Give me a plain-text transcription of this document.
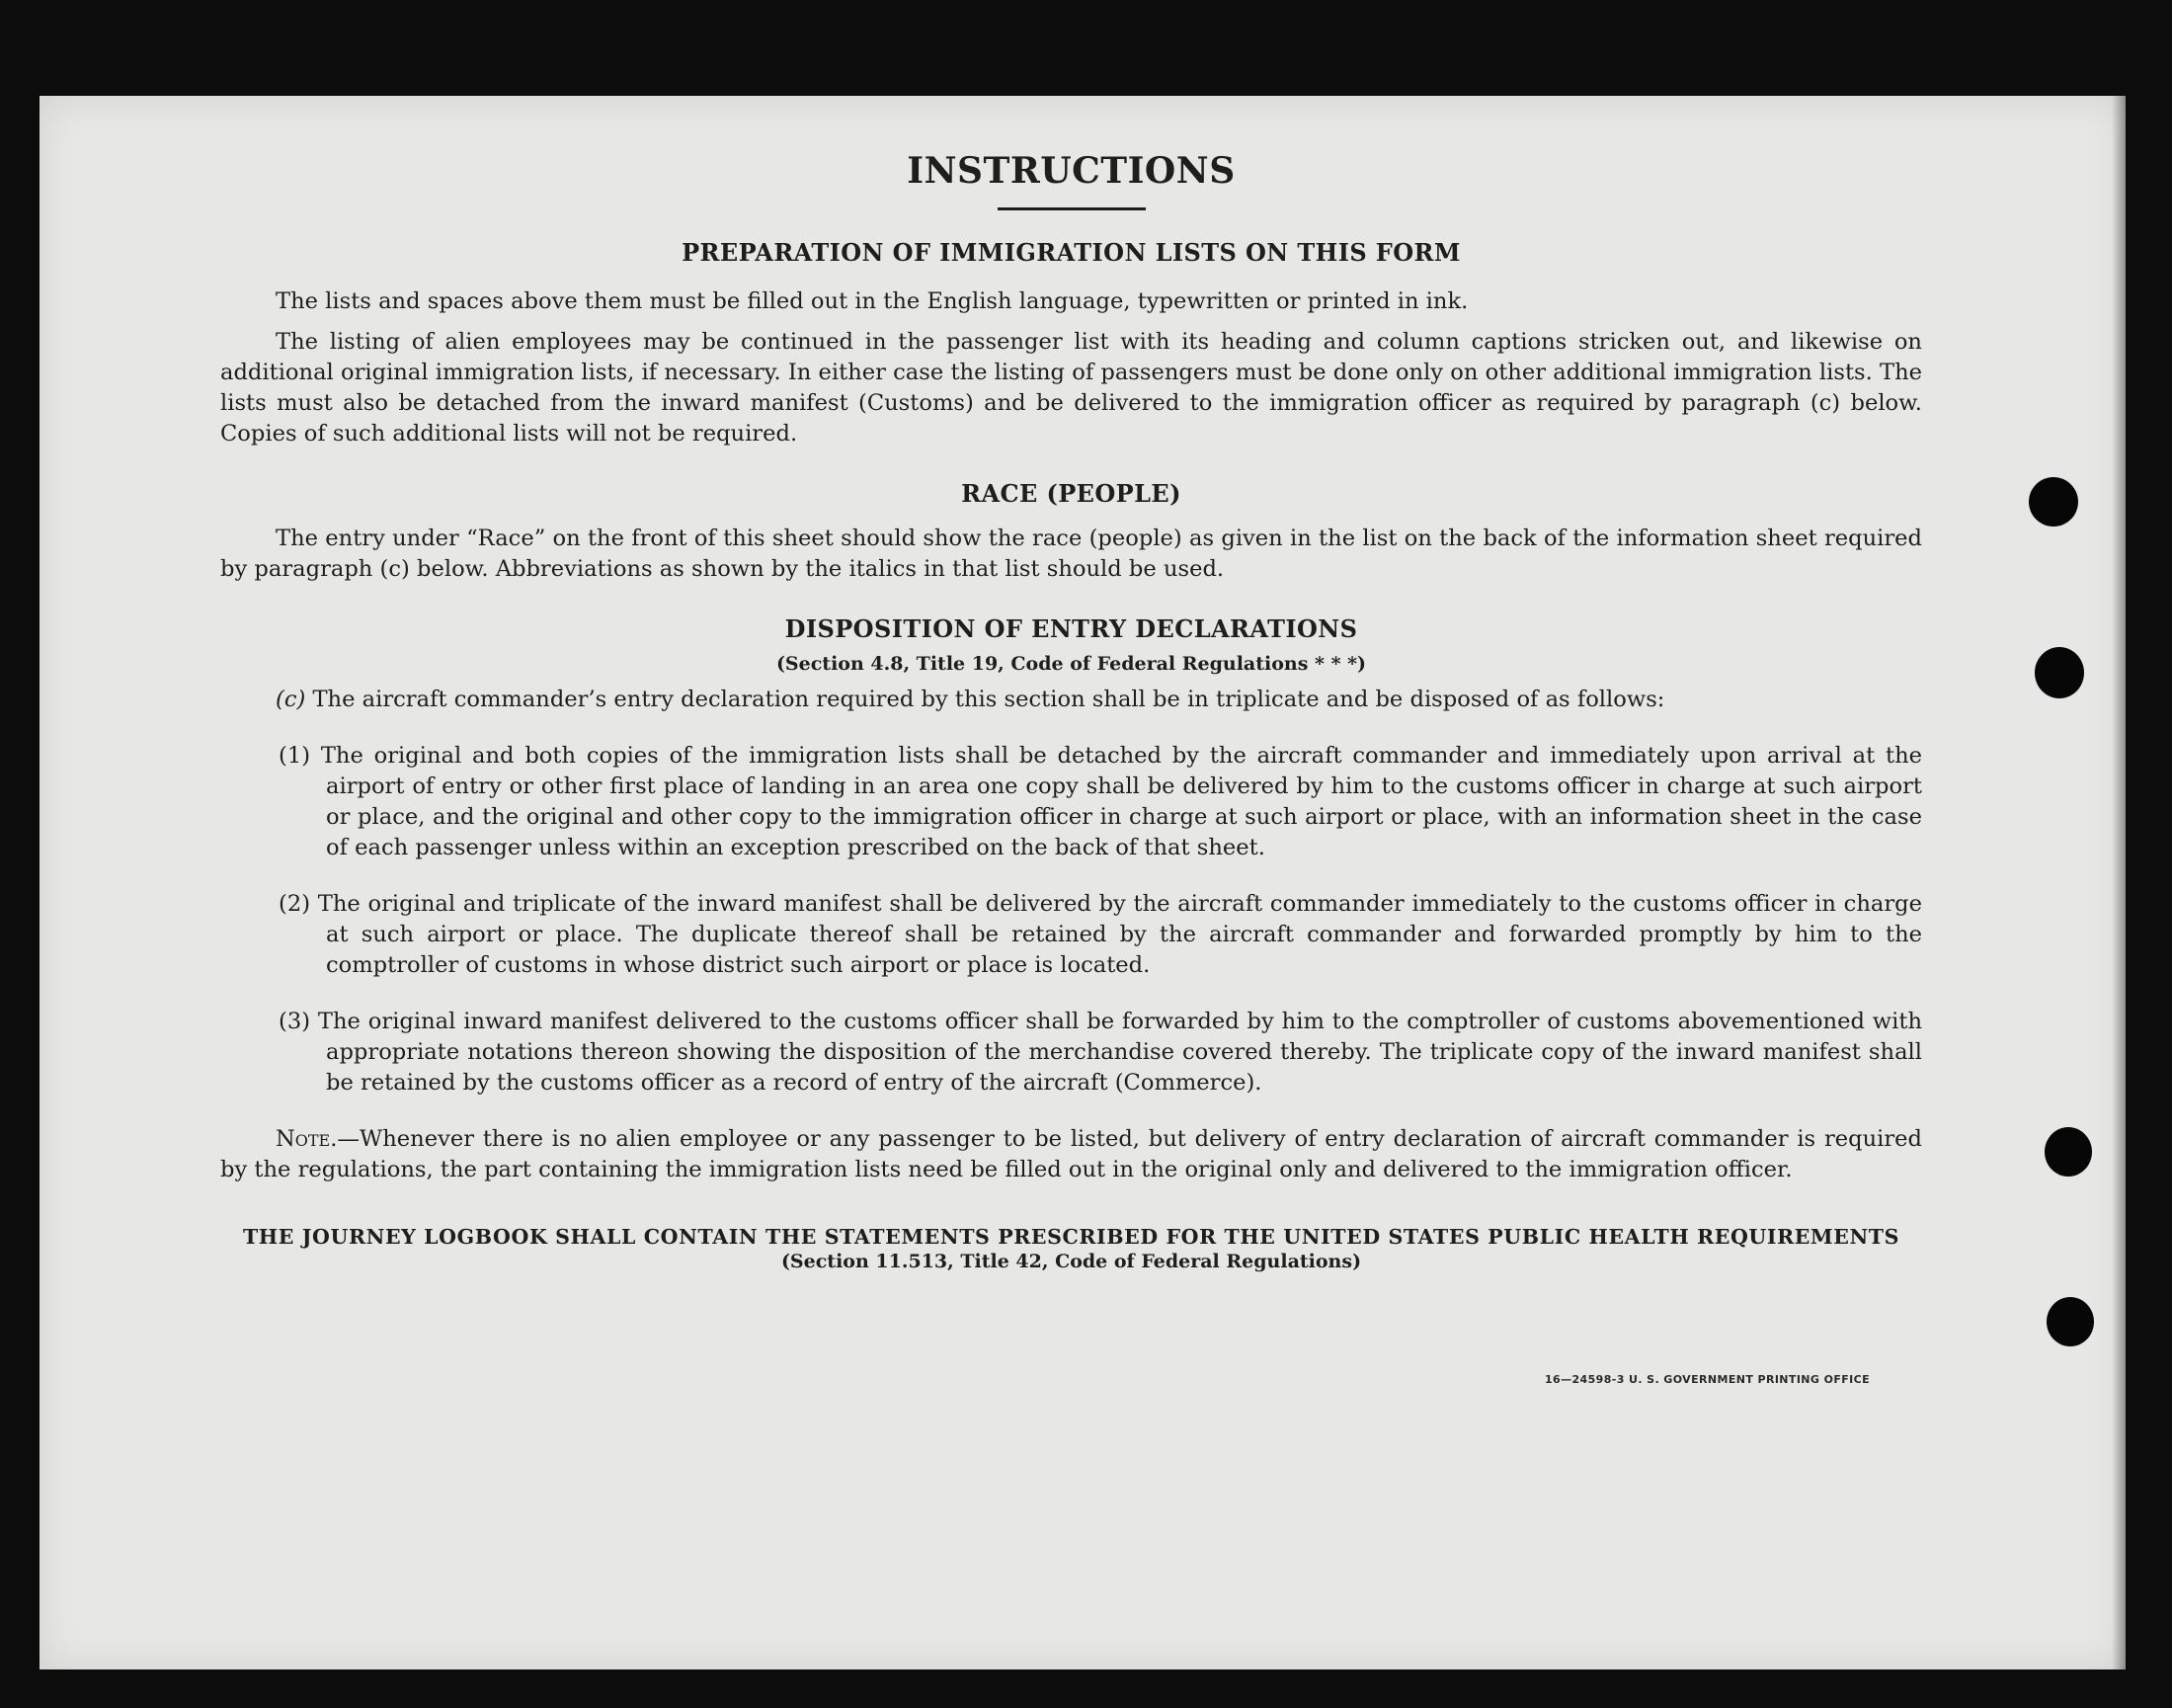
INSTRUCTIONS
PREPARATION OF IMMIGRATION LISTS ON THIS FORM

The lists and spaces above them must be filled out in the English language, typewritten or printed in ink.

The listing of alien employees may be continued in the passenger list with its heading and column captions stricken out, and likewise on additional original immigration lists, if necessary. In either case the listing of passengers must be done only on other additional immigration lists. The lists must also be detached from the inward manifest (Customs) and be delivered to the immigration officer as required by paragraph (c) below. Copies of such additional lists will not be required.

RACE (PEOPLE)

The entry under “Race” on the front of this sheet should show the race (people) as given in the list on the back of the information sheet required by paragraph (c) below. Abbreviations as shown by the italics in that list should be used.

DISPOSITION OF ENTRY DECLARATIONS
(Section 4.8, Title 19, Code of Federal Regulations * * *)

(c) The aircraft commander’s entry declaration required by this section shall be in triplicate and be disposed of as follows:

(1) The original and both copies of the immigration lists shall be detached by the aircraft commander and immediately upon arrival at the airport of entry or other first place of landing in an area one copy shall be delivered by him to the customs officer in charge at such airport or place, and the original and other copy to the immigration officer in charge at such airport or place, with an information sheet in the case of each passenger unless within an exception prescribed on the back of that sheet.

(2) The original and triplicate of the inward manifest shall be delivered by the aircraft commander immediately to the customs officer in charge at such airport or place. The duplicate thereof shall be retained by the aircraft commander and forwarded promptly by him to the comptroller of customs in whose district such airport or place is located.

(3) The original inward manifest delivered to the customs officer shall be forwarded by him to the comptroller of customs abovementioned with appropriate notations thereon showing the disposition of the merchandise covered thereby. The triplicate copy of the inward manifest shall be retained by the customs officer as a record of entry of the aircraft (Commerce).

Note.—Whenever there is no alien employee or any passenger to be listed, but delivery of entry declaration of aircraft commander is required by the regulations, the part containing the immigration lists need be filled out in the original only and delivered to the immigration officer.

THE JOURNEY LOGBOOK SHALL CONTAIN THE STATEMENTS PRESCRIBED FOR THE UNITED STATES PUBLIC HEALTH REQUIREMENTS
(Section 11.513, Title 42, Code of Federal Regulations)
16—24598-3 U. S. GOVERNMENT PRINTING OFFICE
